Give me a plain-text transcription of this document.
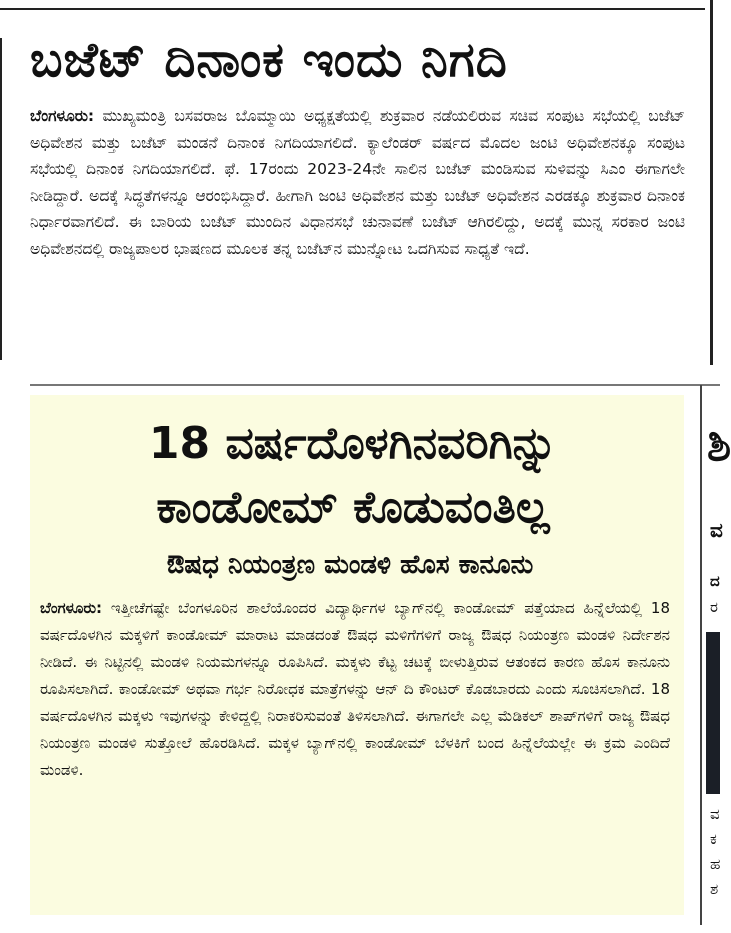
ಬಜೆಟ್ ದಿನಾಂಕ ಇಂದು ನಿಗದಿ

ಬೆಂಗಳೂರು: ಮುಖ್ಯಮಂತ್ರಿ ಬಸವರಾಜ ಬೊಮ್ಮಾಯಿ ಅಧ್ಯಕ್ಷತೆಯಲ್ಲಿ ಶುಕ್ರವಾರ ನಡೆಯಲಿರುವ ಸಚಿವ ಸಂಪುಟ ಸಭೆಯಲ್ಲಿ ಬಜೆಟ್ ಅಧಿವೇಶನ ಮತ್ತು ಬಜೆಟ್ ಮಂಡನೆ ದಿನಾಂಕ ನಿಗದಿಯಾಗಲಿದೆ. ಕ್ಯಾಲೆಂಡರ್ ವರ್ಷದ ಮೊದಲ ಜಂಟಿ ಅಧಿವೇಶನಕ್ಕೂ ಸಂಪುಟ ಸಭೆಯಲ್ಲಿ ದಿನಾಂಕ ನಿಗದಿಯಾಗಲಿದೆ. ಫೆ. 17ರಂದು 2023-24ನೇ ಸಾಲಿನ ಬಜೆಟ್ ಮಂಡಿಸುವ ಸುಳಿವನ್ನು ಸಿಎಂ ಈಗಾಗಲೇ ನೀಡಿದ್ದಾರೆ. ಅದಕ್ಕೆ ಸಿದ್ಧತೆಗಳನ್ನೂ ಆರಂಭಿಸಿದ್ದಾರೆ. ಹೀಗಾಗಿ ಜಂಟಿ ಅಧಿವೇಶನ ಮತ್ತು ಬಜೆಟ್ ಅಧಿವೇಶನ ಎರಡಕ್ಕೂ ಶುಕ್ರವಾರ ದಿನಾಂಕ ನಿರ್ಧಾರವಾಗಲಿದೆ. ಈ ಬಾರಿಯ ಬಜೆಟ್ ಮುಂದಿನ ವಿಧಾನಸಭೆ ಚುನಾವಣೆ ಬಜೆಟ್ ಆಗಿರಲಿದ್ದು, ಅದಕ್ಕೆ ಮುನ್ನ ಸರಕಾರ ಜಂಟಿ ಅಧಿವೇಶನದಲ್ಲಿ ರಾಜ್ಯಪಾಲರ ಭಾಷಣದ ಮೂಲಕ ತನ್ನ ಬಜೆಟ್‌ನ ಮುನ್ನೋಟ ಒದಗಿಸುವ ಸಾಧ್ಯತೆ ಇದೆ.

18 ವರ್ಷದೊಳಗಿನವರಿಗಿನ್ನು
ಕಾಂಡೋಮ್ ಕೊಡುವಂತಿಲ್ಲ
ಔಷಧ ನಿಯಂತ್ರಣ ಮಂಡಳಿ ಹೊಸ ಕಾನೂನು

ಬೆಂಗಳೂರು: ಇತ್ತೀಚೆಗಷ್ಟೇ ಬೆಂಗಳೂರಿನ ಶಾಲೆಯೊಂದರ ವಿದ್ಯಾರ್ಥಿಗಳ ಬ್ಯಾಗ್‌ನಲ್ಲಿ ಕಾಂಡೋಮ್ ಪತ್ತೆಯಾದ ಹಿನ್ನೆಲೆಯಲ್ಲಿ 18 ವರ್ಷದೊಳಗಿನ ಮಕ್ಕಳಿಗೆ ಕಾಂಡೋಮ್ ಮಾರಾಟ ಮಾಡದಂತೆ ಔಷಧ ಮಳಿಗೆಗಳಿಗೆ ರಾಜ್ಯ ಔಷಧ ನಿಯಂತ್ರಣ ಮಂಡಳಿ ನಿರ್ದೇಶನ ನೀಡಿದೆ. ಈ ನಿಟ್ಟಿನಲ್ಲಿ ಮಂಡಳಿ ನಿಯಮಗಳನ್ನೂ ರೂಪಿಸಿದೆ. ಮಕ್ಕಳು ಕೆಟ್ಟ ಚಟಕ್ಕೆ ಬೀಳುತ್ತಿರುವ ಆತಂಕದ ಕಾರಣ ಹೊಸ ಕಾನೂನು ರೂಪಿಸಲಾಗಿದೆ. ಕಾಂಡೋಮ್ ಅಥವಾ ಗರ್ಭ ನಿರೋಧಕ ಮಾತ್ರೆಗಳನ್ನು ಆನ್ ದಿ ಕೌಂಟರ್ ಕೊಡಬಾರದು ಎಂದು ಸೂಚಿಸಲಾಗಿದೆ. 18 ವರ್ಷದೊಳಗಿನ ಮಕ್ಕಳು ಇವುಗಳನ್ನು ಕೇಳಿದ್ದಲ್ಲಿ ನಿರಾಕರಿಸುವಂತೆ ತಿಳಿಸಲಾಗಿದೆ. ಈಗಾಗಲೇ ಎಲ್ಲ ಮೆಡಿಕಲ್ ಶಾಪ್‌ಗಳಿಗೆ ರಾಜ್ಯ ಔಷಧ ನಿಯಂತ್ರಣ ಮಂಡಳಿ ಸುತ್ತೋಲೆ ಹೊರಡಿಸಿದೆ. ಮಕ್ಕಳ ಬ್ಯಾಗ್‌ನಲ್ಲಿ ಕಾಂಡೋಮ್ ಬೆಳಕಿಗೆ ಬಂದ ಹಿನ್ನೆಲೆಯಲ್ಲೇ ಈ ಕ್ರಮ ಎಂದಿದೆ ಮಂಡಳಿ.

ಶಿ
ವ
ದ
ರ
ವ
ಕ
ಹ
ಶ
